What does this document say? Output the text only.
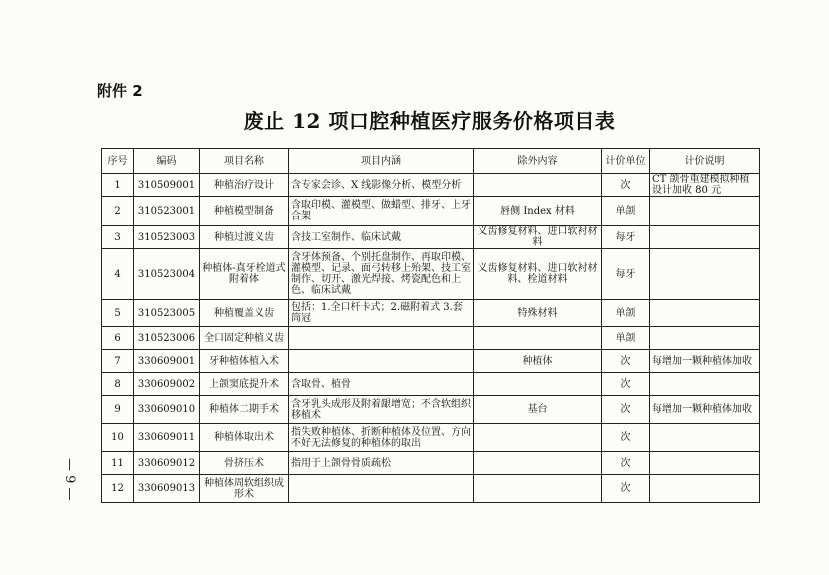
附件 2
废止 12 项口腔种植医疗服务价格项目表
— 9 —
序号	编码	项目名称	项目内涵	除外内容	计价单位	计价说明
1	310509001	种植治疗设计	含专家会诊、X 线影像分析、模型分析		次	CT 颌骨重建模拟种植设计加收 80 元
2	310523001	种植模型制备	含取印模、灌模型、做蜡型、排牙、上牙合架	唇侧 Index 材料	单颌	
3	310523003	种植过渡义齿	含技工室制作、临床试戴	义齿修复材料、进口软衬材料	每牙	
4	310523004	种植体-真牙栓道式附着体	含牙体预备、个别托盘制作、再取印模、灌模型、记录、面弓转移上殆架、技工室制作、切开、激光焊接、烤瓷配色和上色、临床试戴	义齿修复材料、进口软衬材料、栓道材料	每牙	
5	310523005	种植覆盖义齿	包括：1.全口杆卡式；2.磁附着式 3.套筒冠	特殊材料	单颌	
6	310523006	全口固定种植义齿			单颌	
7	330609001	牙种植体植入术		种植体	次	每增加一颗种植体加收
8	330609002	上颌窦底提升术	含取骨、植骨		次	
9	330609010	种植体二期手术	含牙乳头成形及附着龈增宽；不含软组织移植术	基台	次	每增加一颗种植体加收
10	330609011	种植体取出术	指失败种植体、折断种植体及位置、方向不好无法修复的种植体的取出		次	
11	330609012	骨挤压术	指用于上颌骨骨质疏松		次	
12	330609013	种植体周软组织成形术			次	
